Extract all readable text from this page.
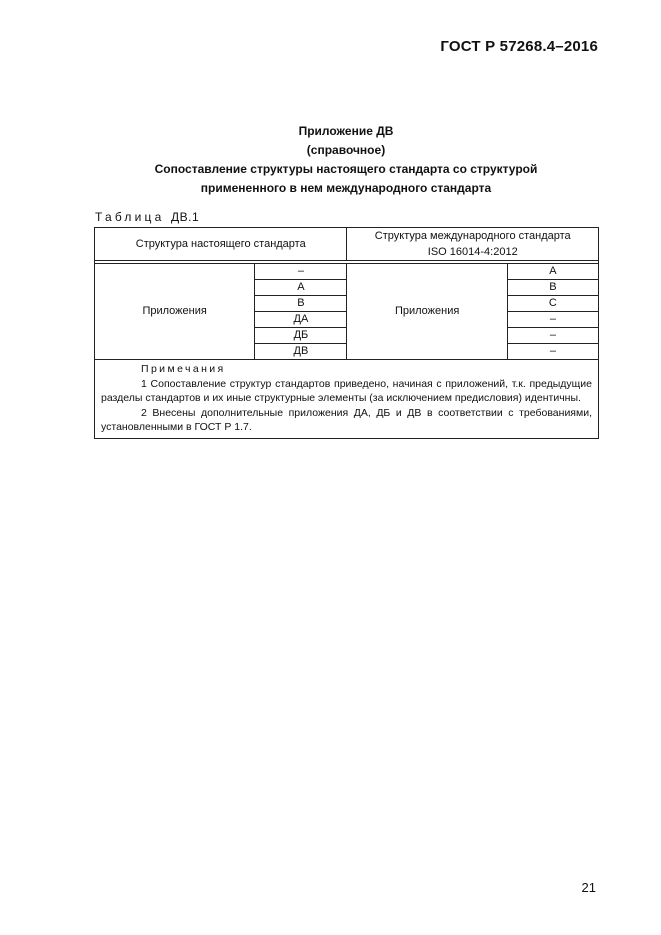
ГОСТ Р 57268.4–2016
Приложение ДВ
(справочное)
Сопоставление структуры настоящего стандарта со структурой
примененного в нем международного стандарта
Таблица ДВ.1
Структура настоящего стандарта		Структура международного стандарта
ISO 16014-4:2012	

Приложения	–	Приложения	A
	А		B
	В		C
	ДА		–
	ДБ		–
	ДВ		–

Примечания
1 Сопоставление структур стандартов приведено, начиная с приложений, т.к. предыдущие разделы стандартов и их иные структурные элементы (за исключением предисловия) идентичны.
2 Внесены дополнительные приложения ДА, ДБ и ДВ в соответствии с требованиями, установленными в ГОСТ Р 1.7.			
21
